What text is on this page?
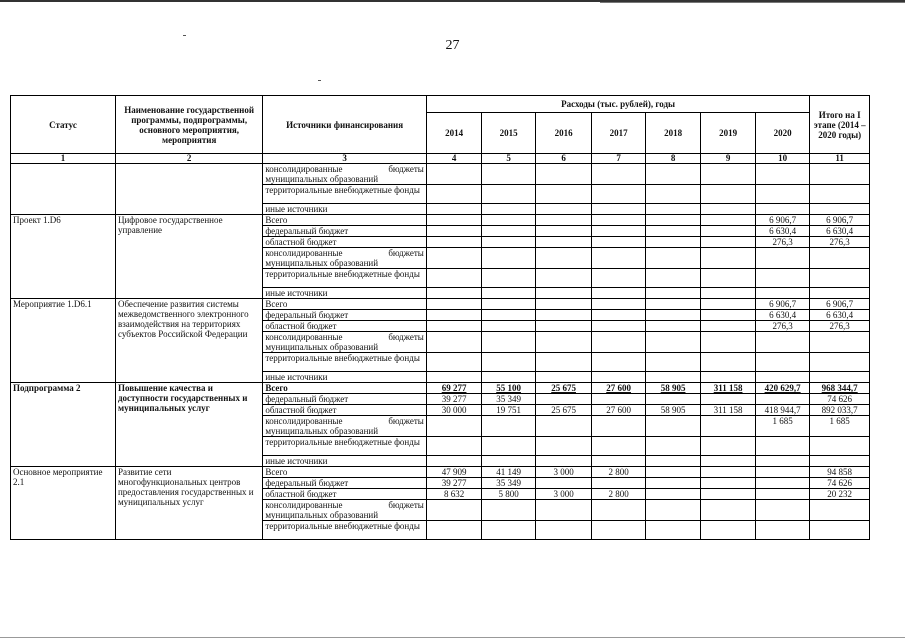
27
Статус	Наименование государственной программы, подпрограммы, основного мероприятия, мероприятия	Источники финансирования	Расходы (тыс. рублей), годы							Итого на I этапе (2014 – 2020 годы)
			2014	2015	2016	2017	2018	2019	2020	
1	2	3	4	5	6	7	8	9	10	11
		консолидированные бюджеты муниципальных образований								
		территориальные внебюджетные фонды								
		иные источники								
Проект 1.D6	Цифровое государственное управление	Всего							6 906,7	6 906,7
		федеральный бюджет							6 630,4	6 630,4
		областной бюджет							276,3	276,3
		консолидированные бюджеты муниципальных образований								
		территориальные внебюджетные фонды								
		иные источники								
Мероприятие 1.D6.1	Обеспечение развития системы межведомственного электронного взаимодействия на территориях субъектов Российской Федерации	Всего							6 906,7	6 906,7
		федеральный бюджет							6 630,4	6 630,4
		областной бюджет							276,3	276,3
		консолидированные бюджеты муниципальных образований								
		территориальные внебюджетные фонды								
		иные источники								
Подпрограмма 2	Повышение качества и доступности государственных и муниципальных услуг	Всего	69 277	55 100	25 675	27 600	58 905	311 158	420 629,7	968 344,7
		федеральный бюджет	39 277	35 349						74 626
		областной бюджет	30 000	19 751	25 675	27 600	58 905	311 158	418 944,7	892 033,7
		консолидированные бюджеты муниципальных образований							1 685	1 685
		территориальные внебюджетные фонды								
		иные источники								
Основное мероприятие 2.1	Развитие сети многофункциональных центров предоставления государственных и муниципальных услуг	Всего	47 909	41 149	3 000	2 800				94 858
		федеральный бюджет	39 277	35 349						74 626
		областной бюджет	8 632	5 800	3 000	2 800				20 232
		консолидированные бюджеты муниципальных образований								
		территориальные внебюджетные фонды								
